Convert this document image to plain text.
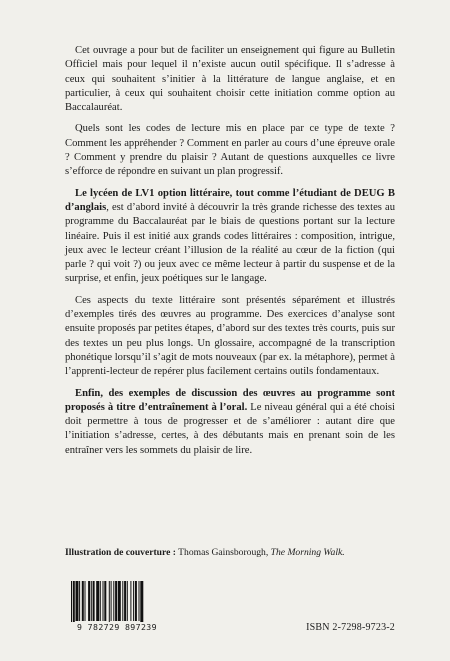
Cet ouvrage a pour but de faciliter un enseignement qui figure au Bulletin Officiel mais pour lequel il n’existe aucun outil spécifique. Il s’adresse à ceux qui souhaitent s’initier à la littérature de langue anglaise, et en particulier, à ceux qui souhaitent choisir cette initiation comme option au Baccalauréat.

Quels sont les codes de lecture mis en place par ce type de texte ? Comment les appréhender ? Comment en parler au cours d’une épreuve orale ? Comment y prendre du plaisir ? Autant de questions auxquelles ce livre s’efforce de répondre en suivant un plan progressif.

Le lycéen de LV1 option littéraire, tout comme l’étudiant de DEUG B d’anglais, est d’abord invité à découvrir la très grande richesse des textes au programme du Baccalauréat par le biais de questions portant sur la lecture linéaire. Puis il est initié aux grands codes littéraires : composition, intrigue, jeux avec le lecteur créant l’illusion de la réalité au cœur de la fiction (qui parle ? qui voit ?) ou jeux avec ce même lecteur à partir du suspense et de la surprise, et enfin, jeux poétiques sur le langage.

Ces aspects du texte littéraire sont présentés séparément et illustrés d’exemples tirés des œuvres au programme. Des exercices d’analyse sont ensuite proposés par petites étapes, d’abord sur des textes très courts, puis sur des textes un peu plus longs. Un glossaire, accompagné de la transcription phonétique lorsqu’il s’agit de mots nouveaux (par ex. la métaphore), permet à l’apprenti-lecteur de repérer plus facilement certains outils fondamentaux.

Enfin, des exemples de discussion des œuvres au programme sont proposés à titre d’entraînement à l’oral. Le niveau général qui a été choisi doit permettre à tous de progresser et de s’améliorer : autant dire que l’initiation s’adresse, certes, à des débutants mais en prenant soin de les entraîner vers les sommets du plaisir de lire.

Illustration de couverture : Thomas Gainsborough, The Morning Walk.
9 782729 897239	ISBN 2-7298-9723-2
